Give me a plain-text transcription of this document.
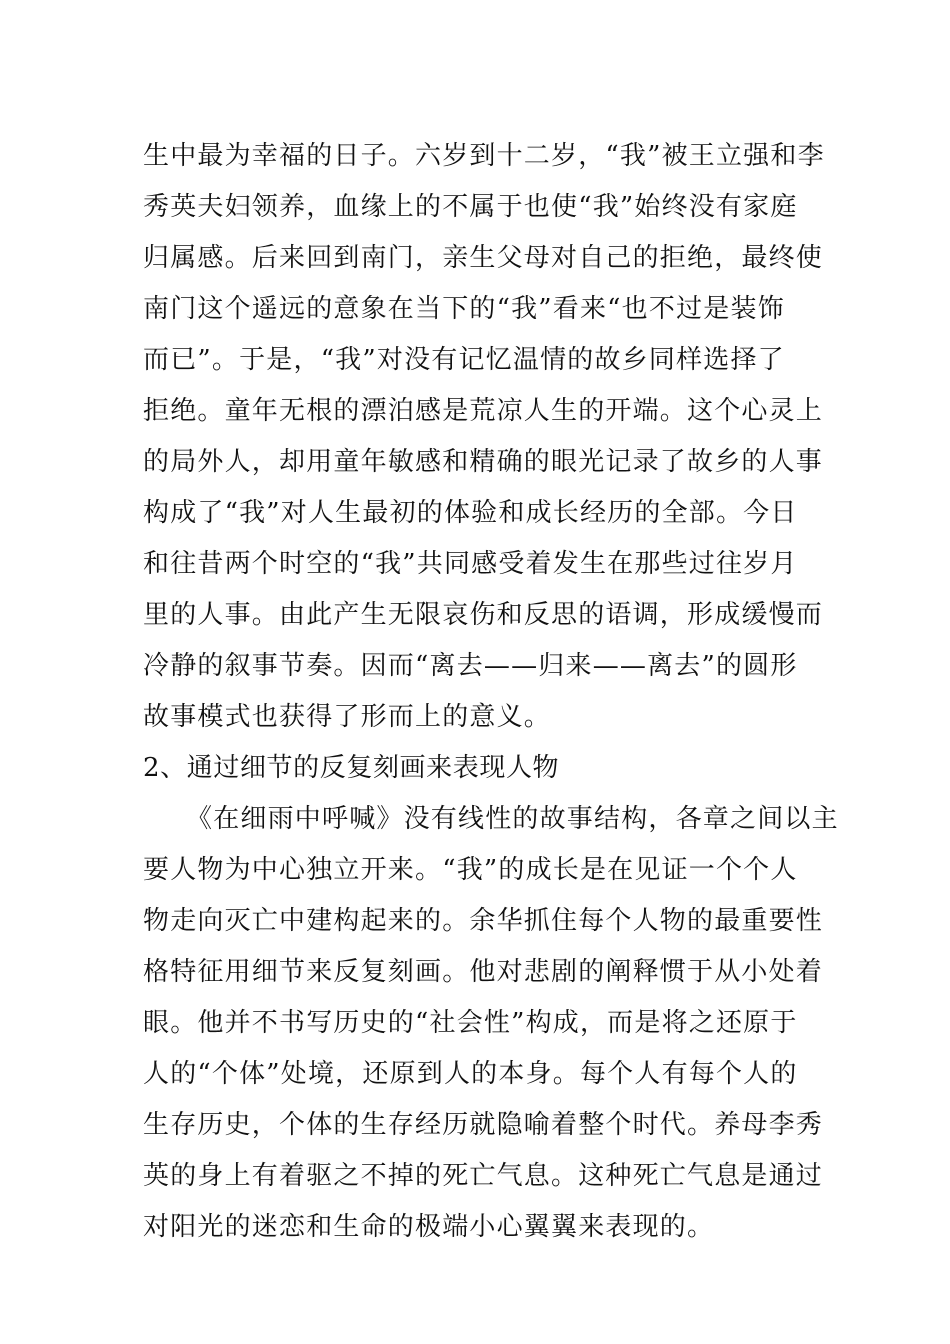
生中最为幸福的日子。六岁到十二岁，“我”被王立强和李
秀英夫妇领养，血缘上的不属于也使“我”始终没有家庭
归属感。后来回到南门，亲生父母对自己的拒绝，最终使
南门这个遥远的意象在当下的“我”看来“也不过是装饰
而已”。于是，“我”对没有记忆温情的故乡同样选择了
拒绝。童年无根的漂泊感是荒凉人生的开端。这个心灵上
的局外人，却用童年敏感和精确的眼光记录了故乡的人事
构成了“我”对人生最初的体验和成长经历的全部。今日
和往昔两个时空的“我”共同感受着发生在那些过往岁月
里的人事。由此产生无限哀伤和反思的语调，形成缓慢而
冷静的叙事节奏。因而“离去——归来——离去”的圆形
故事模式也获得了形而上的意义。
2、通过细节的反复刻画来表现人物
《在细雨中呼喊》没有线性的故事结构，各章之间以主
要人物为中心独立开来。“我”的成长是在见证一个个人
物走向灭亡中建构起来的。余华抓住每个人物的最重要性
格特征用细节来反复刻画。他对悲剧的阐释惯于从小处着
眼。他并不书写历史的“社会性”构成，而是将之还原于
人的“个体”处境，还原到人的本身。每个人有每个人的
生存历史，个体的生存经历就隐喻着整个时代。养母李秀
英的身上有着驱之不掉的死亡气息。这种死亡气息是通过
对阳光的迷恋和生命的极端小心翼翼来表现的。
